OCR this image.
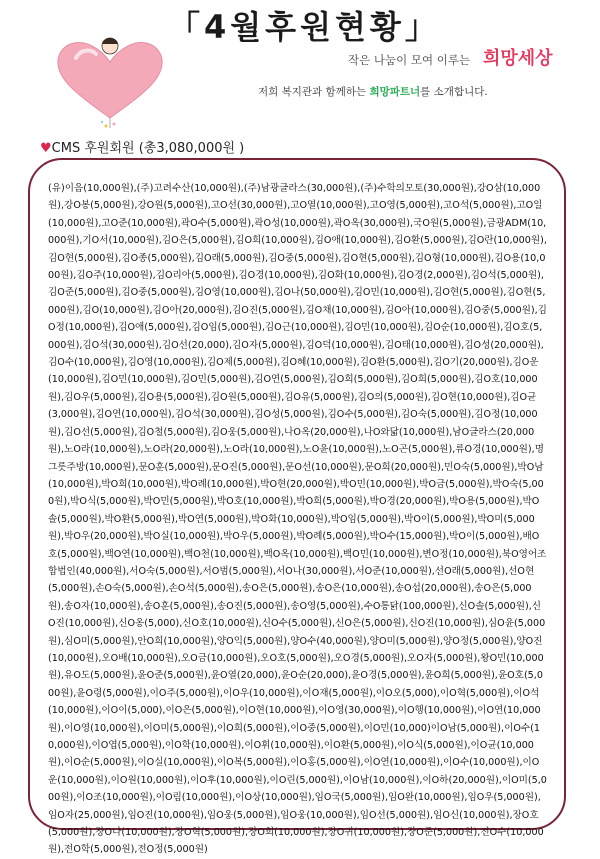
「4월후원현황」
작은 나눔이 모여 이루는 희망세상
저희 복지관과 함께하는 희망파트너를 소개합니다.
♥CMS 후원회원 (총3,080,000원 )

(유)이음(10,000원),(주)고려수산(10,000원),(주)남광글라스(30,000원),(주)수학의모토(30,000원),강O삼(10,000원),강O봉(5,000원),강O원(5,000원),고O선(30,000원),고O열(10,000원),고O영(5,000원),고O석(5,000원),고O일(10,000원),고O준(10,000원),곽O수(5,000원),곽O성(10,000원),곽O옥(30,000원),국O원(5,000원),금광ADM(10,000원),기O서(10,000원),김O은(5,000원),김O희(10,000원),김O애(10,000원),김O환(5,000원),김O란(10,000원),김O현(5,000원),김O종(5,000원),김O래(5,000원),김O중(5,000원),김O현(5,000원),김O형(10,000원),김O용(10,000원),김O주(10,000원),김O리아(5,000원),김O경(10,000원),김O화(10,000원),김O경(2,000원),김O석(5,000원),김O준(5,000원),김O중(5,000원),김O영(10,000원),김O나(50,000원),김O민(10,000원),김O현(5,000원),김O현(5,000원),김O(10,000원),김O아(20,000원),김O진(5,000원),김O채(10,000원),김O아(10,000원),김O중(5,000원),김O정(10,000원),김O애(5,000원),김O임(5,000원),김O근(10,000원),김O민(10,000원),김O순(10,000원),김O호(5,000원),김O석(30,000원),김O선(20,000),김O자(5,000원),김O덕(10,000원),김O태(10,000원),김O성(20,000원),김O수(10,000원),김O영(10,000원),김O제(5,000원),김O혜(10,000원),김O환(5,000원),김O기(20,000원),김O운(10,000원),김O민(10,000원),김O민(5,000원),김O연(5,000원),김O희(5,000원),김O희(5,000원),김O호(10,000원),김O우(5,000원),김O용(5,000원),김O원(5,000원),김O유(5,000원),김O의(5,000원),김O현(10,000원),김O균(3,000원),김O연(10,000원),김O석(30,000원),김O성(5,000원),김O수(5,000원),김O숙(5,000원),김O정(10,000원),김O선(5,000원),김O철(5,000원),김O웅(5,000원),나O옥(20,000원),나O와닯(10,000원),남O글라스(20,000원),노O라(10,000원),노O라(20,000원),노O라(10,000원),노O윤(10,000원),노O곤(5,000원),류O경(10,000원),명그릇주방(10,000원),문O훈(5,000원),문O진(5,000원),문O선(10,000원),문O희(20,000원),민O숙(5,000원),박O남(10,000원),박O희(10,000원),박O례(10,000원),박O현(20,000원),박O민(10,000원),박O금(5,000원),박O숙(5,000원),박O식(5,000원),박O민(5,000원),박O호(10,000원),박O희(5,000원),박O경(20,000원),박O용(5,000원),박O솔(5,000원),박O환(5,000원),박O연(5,000원),박O화(10,000원),박O임(5,000원),박O이(5,000원),박O미(5,000원),박O우(20,000원),박O실(10,000원),박O우(5,000원),박O례(5,000원),박O수(15,000원),박O이(5,000원),배O호(5,000원),백O연(10,000원),백O천(10,000원),백O옥(10,000원),백O민(10,000원),변O정(10,000원),북O영어조합법인(40,000원),서O숙(5,000원),서O범(5,000원),서O나(30,000원),서O준(10,000원),선O래(5,000원),선O현(5,000원),손O숙(5,000원),손O석(5,000원),송O은(5,000원),송O은(10,000원),송O섭(20,000원),송O은(5,000원),송O자(10,000원),송O훈(5,000원),송O진(5,000원),송O영(5,000원),수O통닭(100,000원),신O솔(5,000원),신O진(10,000원),신O옹(5,000),신O호(10,000원),신O수(5,000원),신O은(5,000원),신O진(10,000원),심O윤(5,000원),심O미(5,000원),안O희(10,000원),양O익(5,000원),양O수(40,000원),양O미(5,000원),양O정(5,000원),양O진(10,000원),오O배(10,000원),오O금(10,000원),오O호(5,000원),오O경(5,000원),오O자(5,000원),왕O민(10,000원),유O도(5,000원),윤O준(5,000원),윤O열(20,000),윤O순(20,000),윤O경(5,000원),윤O희(5,000원),윤O호(5,000원),윤O령(5,000원),이O주(5,000원),이O우(10,000원),이O재(5,000원),이O오(5,000),이O혁(5,000원),이O석(10,000원),이O이(5,000),이O은(5,000원),이O현(10,000원),이O영(30,000원),이O행(10,000원),이O연(10,000원),이O영(10,000원),이O미(5,000원),이O희(5,000원),이O중(5,000원),이O민(10,000)이O남(5,000원),이O수(10,000원),이O엽(5,000원),이O학(10,000원),이O휘(10,000원),이O환(5,000원),이O식(5,000원),이O균(10,000원),이O순(5,000원),이O실(10,000원),이O복(5,000원),이O홍(5,000원),이O연(10,000원),이O수(10,000원),이O운(10,000원),이O원(10,000원),이O후(10,000원),이O린(5,000원),이O남(10,000원),이O하(20,000원),이O미(5,000원),이O조(10,000원),이O림(10,000원),이O상(10,000원),임O국(5,000원),임O완(10,000원),임O우(5,000원),임O자(25,000원),임O진(10,000원),임O웅(5,000원),임O웅(10,000원),임O선(5,000원),임O신(10,000원),장O호(5,000원),장O나(10,000원),장O혁(5,000원),장O희(10,000원),장O귀(10,000원),장O준(5,000원),전O수(10,000원),전O학(5,000원),전O정(5,000원)
